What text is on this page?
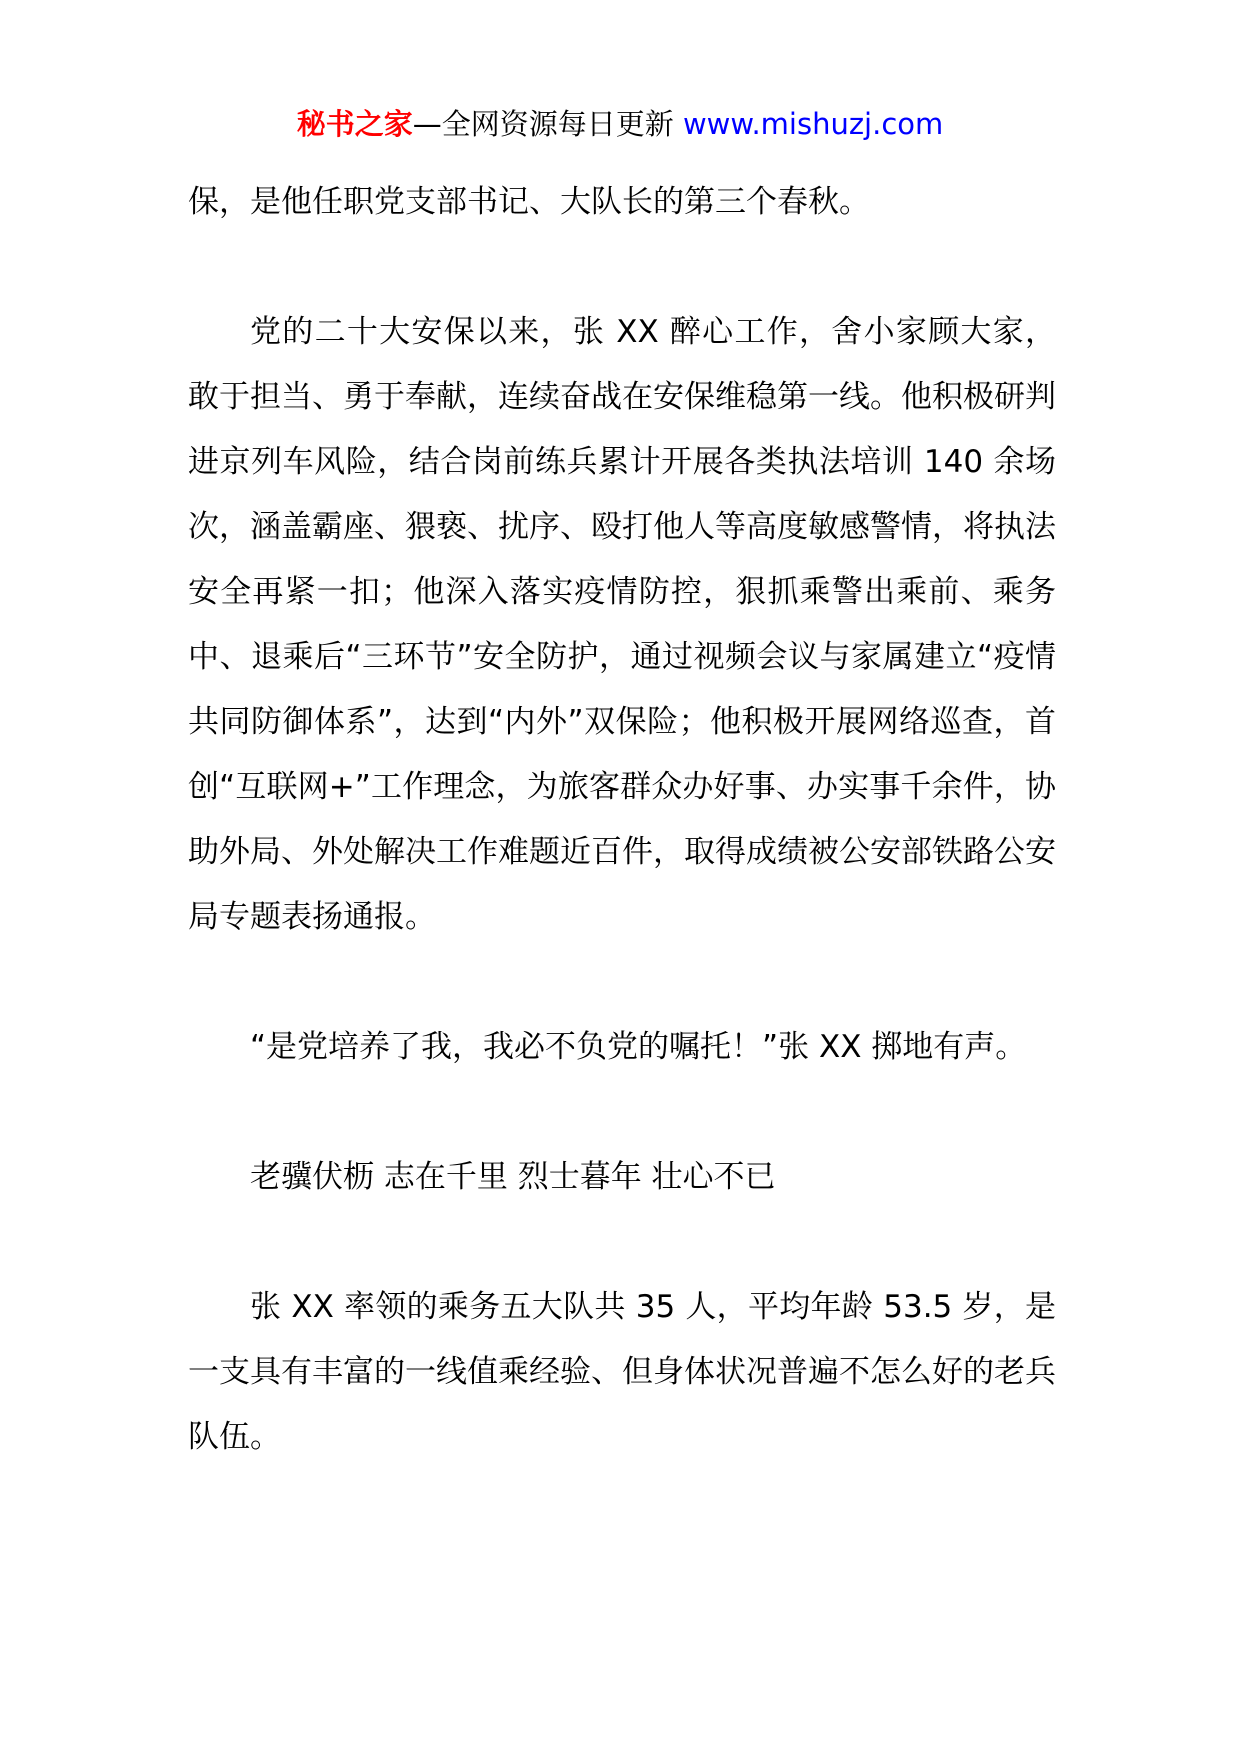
秘书之家—全网资源每日更新 www.mishuzj.com

保，是他任职党支部书记、大队长的第三个春秋。

党的二十大安保以来，张 XX 醉心工作，舍小家顾大家，敢于担当、勇于奉献，连续奋战在安保维稳第一线。他积极研判进京列车风险，结合岗前练兵累计开展各类执法培训 140 余场次，涵盖霸座、猥亵、扰序、殴打他人等高度敏感警情，将执法安全再紧一扣；他深入落实疫情防控，狠抓乘警出乘前、乘务中、退乘后“三环节”安全防护，通过视频会议与家属建立“疫情共同防御体系”，达到“内外”双保险；他积极开展网络巡查，首创“互联网+”工作理念，为旅客群众办好事、办实事千余件，协助外局、外处解决工作难题近百件，取得成绩被公安部铁路公安局专题表扬通报。

“是党培养了我，我必不负党的嘱托！”张 XX 掷地有声。

老骥伏枥 志在千里 烈士暮年 壮心不已

张 XX 率领的乘务五大队共 35 人，平均年龄 53.5 岁，是一支具有丰富的一线值乘经验、但身体状况普遍不怎么好的老兵队伍。
